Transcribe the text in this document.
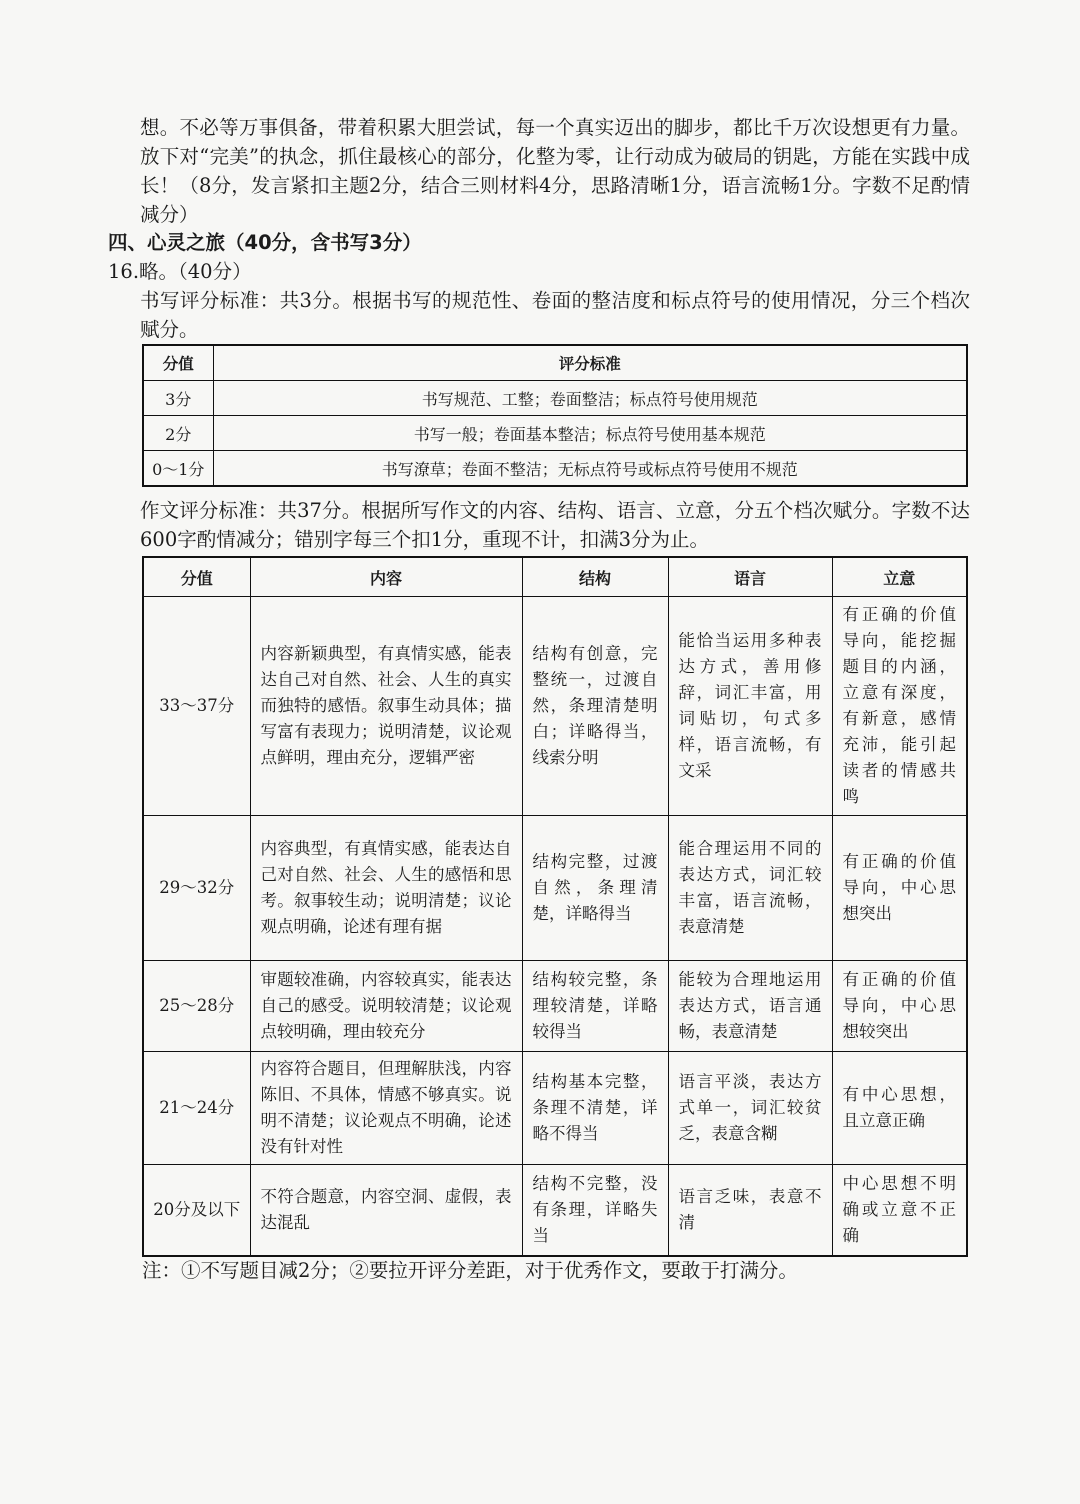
想。不必等万事俱备，带着积累大胆尝试，每一个真实迈出的脚步，都比千万次设想更有力量。放下对“完美”的执念，抓住最核心的部分，化整为零，让行动成为破局的钥匙，方能在实践中成长！（8分，发言紧扣主题2分，结合三则材料4分，思路清晰1分，语言流畅1分。字数不足酌情减分）
四、心灵之旅（40分，含书写3分）
16.略。（40分）
书写评分标准：共3分。根据书写的规范性、卷面的整洁度和标点符号的使用情况，分三个档次赋分。
分值	评分标准
3分	书写规范、工整；卷面整洁；标点符号使用规范
2分	书写一般；卷面基本整洁；标点符号使用基本规范
0～1分	书写潦草；卷面不整洁；无标点符号或标点符号使用不规范
作文评分标准：共37分。根据所写作文的内容、结构、语言、立意，分五个档次赋分。字数不达600字酌情减分；错别字每三个扣1分，重现不计，扣满3分为止。
分值	内容	结构	语言	立意
33～37分	内容新颖典型，有真情实感，能表达自己对自然、社会、人生的真实而独特的感悟。叙事生动具体；描写富有表现力；说明清楚，议论观点鲜明，理由充分，逻辑严密	结构有创意，完整统一，过渡自然，条理清楚明白；详略得当，线索分明	能恰当运用多种表达方式，善用修辞，词汇丰富，用词贴切，句式多样，语言流畅，有文采	有正确的价值导向，能挖掘题目的内涵，立意有深度，有新意，感情充沛，能引起读者的情感共鸣
29～32分	内容典型，有真情实感，能表达自己对自然、社会、人生的感悟和思考。叙事较生动；说明清楚；议论观点明确，论述有理有据	结构完整，过渡自然，条理清楚，详略得当	能合理运用不同的表达方式，词汇较丰富，语言流畅，表意清楚	有正确的价值导向，中心思想突出
25～28分	审题较准确，内容较真实，能表达自己的感受。说明较清楚；议论观点较明确，理由较充分	结构较完整，条理较清楚，详略较得当	能较为合理地运用表达方式，语言通畅，表意清楚	有正确的价值导向，中心思想较突出
21～24分	内容符合题目，但理解肤浅，内容陈旧、不具体，情感不够真实。说明不清楚；议论观点不明确，论述没有针对性	结构基本完整，条理不清楚，详略不得当	语言平淡，表达方式单一，词汇较贫乏，表意含糊	有中心思想，且立意正确
20分及以下	不符合题意，内容空洞、虚假，表达混乱	结构不完整，没有条理，详略失当	语言乏味，表意不清	中心思想不明确或立意不正确
注：①不写题目减2分；②要拉开评分差距，对于优秀作文，要敢于打满分。
